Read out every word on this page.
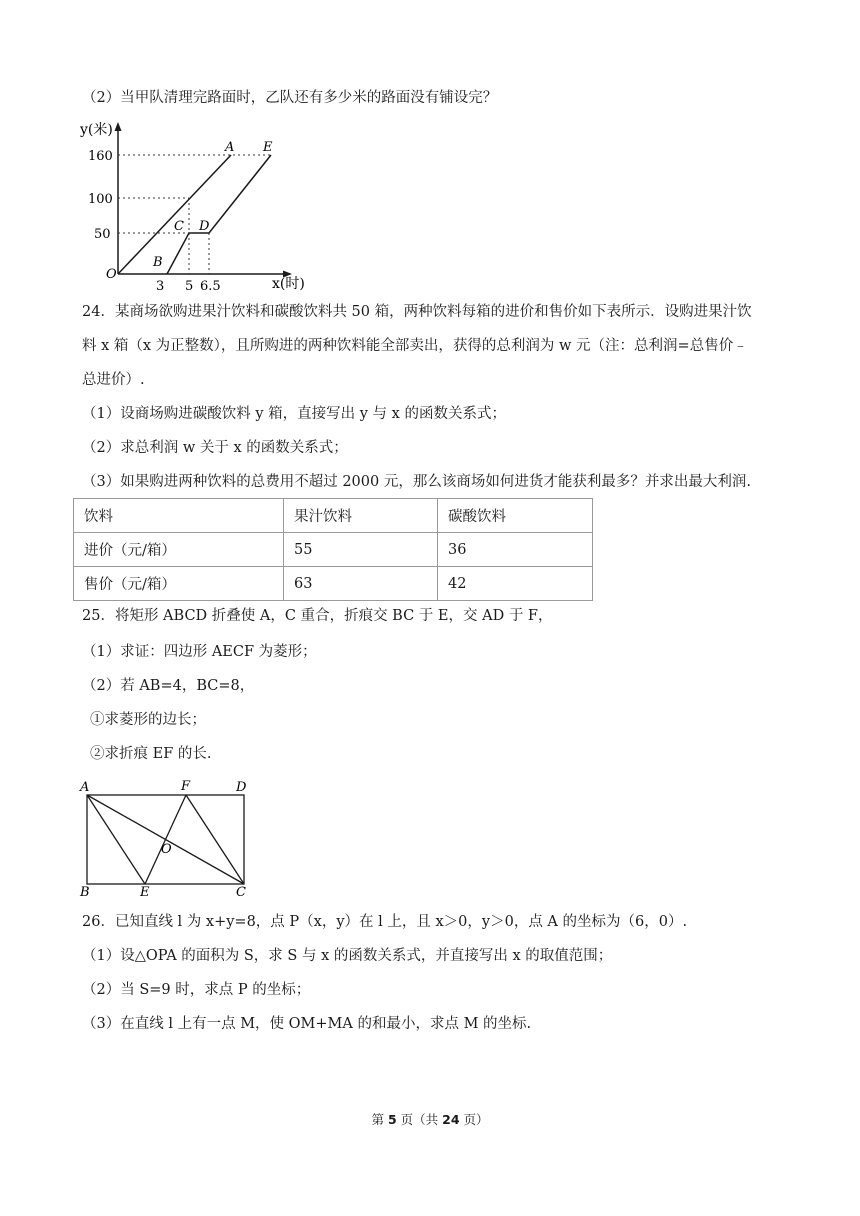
（2）当甲队清理完路面时，乙队还有多少米的路面没有铺设完？
160
100
50
3 5 6.5
y(米)
x(时)
O
A E
C D
B
24．某商场欲购进果汁饮料和碳酸饮料共 50 箱，两种饮料每箱的进价和售价如下表所示．设购进果汁饮
料 x 箱（x 为正整数），且所购进的两种饮料能全部卖出，获得的总利润为 w 元（注：总利润=总售价﹣
总进价）.
（1）设商场购进碳酸饮料 y 箱，直接写出 y 与 x 的函数关系式；
（2）求总利润 w 关于 x 的函数关系式；
（3）如果购进两种饮料的总费用不超过 2000 元，那么该商场如何进货才能获利最多？并求出最大利润.
饮料	果汁饮料	碳酸饮料
进价（元/箱）	55	36
售价（元/箱）	63	42
25．将矩形 ABCD 折叠使 A，C 重合，折痕交 BC 于 E，交 AD 于 F，
（1）求证：四边形 AECF 为菱形；
（2）若 AB=4，BC=8，
①求菱形的边长；
②求折痕 EF 的长.
A	F	D
O
B	E	C
26．已知直线 l 为 x+y=8，点 P（x，y）在 l 上，且 x＞0，y＞0，点 A 的坐标为（6，0）.
（1）设△OPA 的面积为 S，求 S 与 x 的函数关系式，并直接写出 x 的取值范围；
（2）当 S=9 时，求点 P 的坐标；
（3）在直线 l 上有一点 M，使 OM+MA 的和最小，求点 M 的坐标.
第 5 页（共 24 页）
